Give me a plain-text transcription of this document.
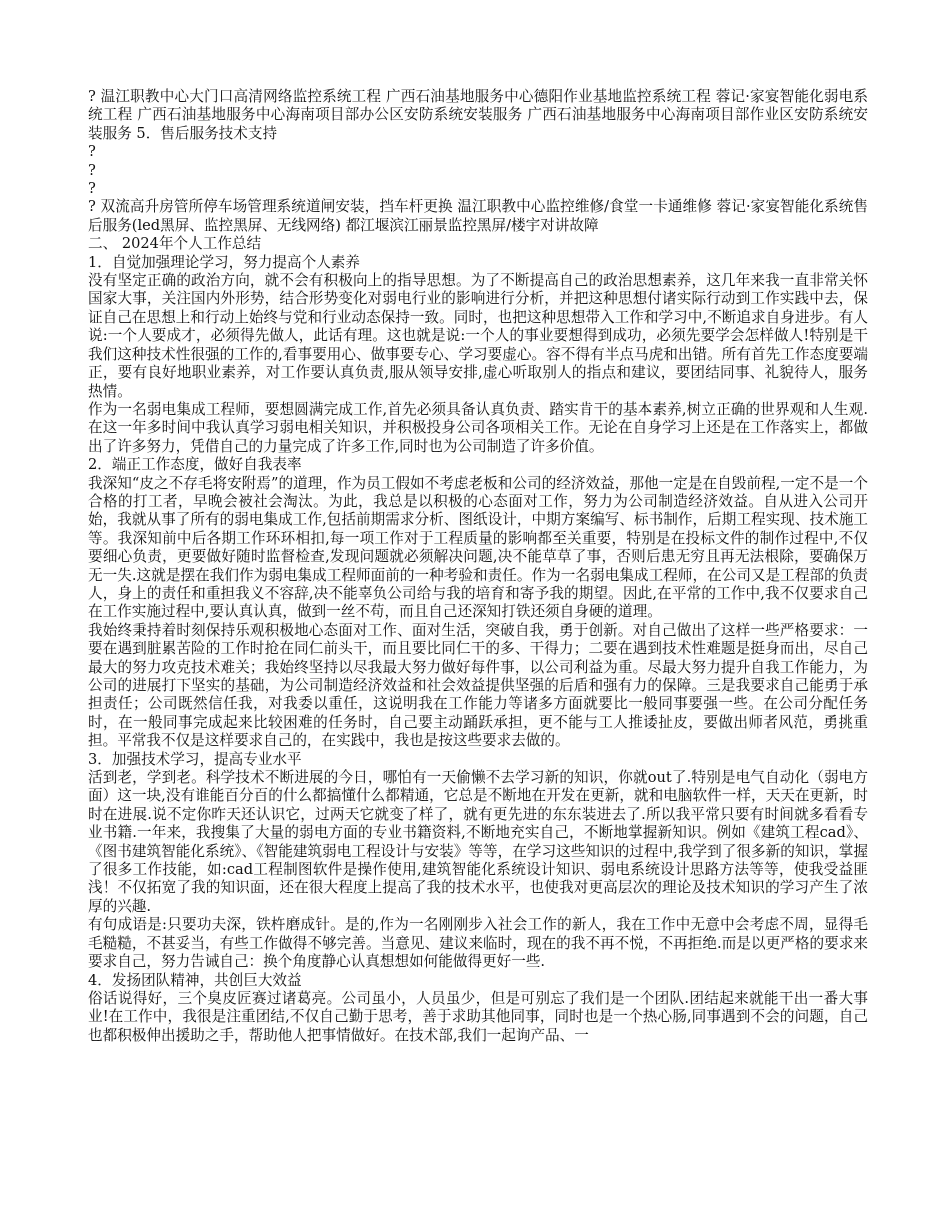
? 温江职教中心大门口高清网络监控系统工程 广西石油基地服务中心德阳作业基地监控系统工程 蓉记·家宴智能化弱电系统工程 广西石油基地服务中心海南项目部办公区安防系统安装服务 广西石油基地服务中心海南项目部作业区安防系统安装服务 5．售后服务技术支持

?

?

?

? 双流高升房管所停车场管理系统道闸安装，挡车杆更换 温江职教中心监控维修/食堂一卡通维修 蓉记·家宴智能化系统售后服务(led黑屏、监控黑屏、无线网络) 都江堰滨江丽景监控黑屏/楼宇对讲故障

二、 2024年个人工作总结

1．自觉加强理论学习，努力提高个人素养

没有坚定正确的政治方向，就不会有积极向上的指导思想。为了不断提高自己的政治思想素养，这几年来我一直非常关怀国家大事，关注国内外形势，结合形势变化对弱电行业的影响进行分析，并把这种思想付诸实际行动到工作实践中去，保证自己在思想上和行动上始终与党和行业动态保持一致。同时，也把这种思想带入工作和学习中,不断追求自身进步。有人说:一个人要成才，必须得先做人，此话有理。这也就是说:一个人的事业要想得到成功，必须先要学会怎样做人!特别是干我们这种技术性很强的工作的,看事要用心、做事要专心、学习要虚心。容不得有半点马虎和出错。所有首先工作态度要端正，要有良好地职业素养，对工作要认真负责,服从领导安排,虚心听取别人的指点和建议，要团结同事、礼貌待人，服务热情。

作为一名弱电集成工程师，要想圆满完成工作,首先必须具备认真负责、踏实肯干的基本素养,树立正确的世界观和人生观.在这一年多时间中我认真学习弱电相关知识，并积极投身公司各项相关工作。无论在自身学习上还是在工作落实上，都做出了许多努力，凭借自己的力量完成了许多工作,同时也为公司制造了许多价值。

2．端正工作态度，做好自我表率

我深知“皮之不存毛将安附焉”的道理，作为员工假如不考虑老板和公司的经济效益，那他一定是在自毁前程,一定不是一个合格的打工者，早晚会被社会淘汰。为此，我总是以积极的心态面对工作，努力为公司制造经济效益。自从进入公司开始，我就从事了所有的弱电集成工作,包括前期需求分析、图纸设计，中期方案编写、标书制作，后期工程实现、技术施工等。我深知前中后各期工作环环相扣,每一项工作对于工程质量的影响都至关重要，特别是在投标文件的制作过程中,不仅要细心负责，更要做好随时监督检查,发现问题就必须解决问题,决不能草草了事，否则后患无穷且再无法根除，要确保万无一失.这就是摆在我们作为弱电集成工程师面前的一种考验和责任。作为一名弱电集成工程师，在公司又是工程部的负责人，身上的责任和重担我义不容辞,决不能辜负公司给与我的培育和寄予我的期望。因此,在平常的工作中,我不仅要求自己在工作实施过程中,要认真认真，做到一丝不苟，而且自己还深知打铁还须自身硬的道理。

我始终秉持着时刻保持乐观积极地心态面对工作、面对生活，突破自我，勇于创新。对自己做出了这样一些严格要求：一要在遇到脏累苦险的工作时抢在同仁前头干，而且要比同仁干的多、干得力；二要在遇到技术性难题是挺身而出，尽自己最大的努力攻克技术难关；我始终坚持以尽我最大努力做好每件事，以公司利益为重。尽最大努力提升自我工作能力，为公司的进展打下坚实的基础，为公司制造经济效益和社会效益提供坚强的后盾和强有力的保障。三是我要求自己能勇于承担责任；公司既然信任我，对我委以重任，这说明我在工作能力等诸多方面就要比一般同事要强一些。在公司分配任务时，在一般同事完成起来比较困难的任务时，自己要主动踊跃承担，更不能与工人推诿扯皮，要做出师者风范，勇挑重担。平常我不仅是这样要求自己的，在实践中，我也是按这些要求去做的。

3．加强技术学习，提高专业水平

活到老，学到老。科学技术不断进展的今日，哪怕有一天偷懒不去学习新的知识，你就out了.特别是电气自动化（弱电方面）这一块,没有谁能百分百的什么都搞懂什么都精通，它总是不断地在开发在更新，就和电脑软件一样，天天在更新，时时在进展.说不定你昨天还认识它，过两天它就变了样了，就有更先进的东东装进去了.所以我平常只要有时间就多看看专业书籍.一年来，我搜集了大量的弱电方面的专业书籍资料,不断地充实自己，不断地掌握新知识。例如《建筑工程cad》、《图书建筑智能化系统》、《智能建筑弱电工程设计与安装》等等，在学习这些知识的过程中,我学到了很多新的知识，掌握了很多工作技能，如:cad工程制图软件是操作使用,建筑智能化系统设计知识、弱电系统设计思路方法等等，使我受益匪浅！不仅拓宽了我的知识面，还在很大程度上提高了我的技术水平，也使我对更高层次的理论及技术知识的学习产生了浓厚的兴趣.

有句成语是:只要功夫深，铁杵磨成针。是的,作为一名刚刚步入社会工作的新人，我在工作中无意中会考虑不周，显得毛毛糙糙，不甚妥当，有些工作做得不够完善。当意见、建议来临时，现在的我不再不悦，不再拒绝.而是以更严格的要求来要求自己，努力告诫自己：换个角度静心认真想想如何能做得更好一些.

4．发扬团队精神，共创巨大效益

俗话说得好，三个臭皮匠赛过诸葛亮。公司虽小，人员虽少，但是可别忘了我们是一个团队.团结起来就能干出一番大事业!在工作中，我很是注重团结,不仅自己勤于思考，善于求助其他同事，同时也是一个热心肠,同事遇到不会的问题，自己也都积极伸出援助之手，帮助他人把事情做好。在技术部,我们一起询产品、一
